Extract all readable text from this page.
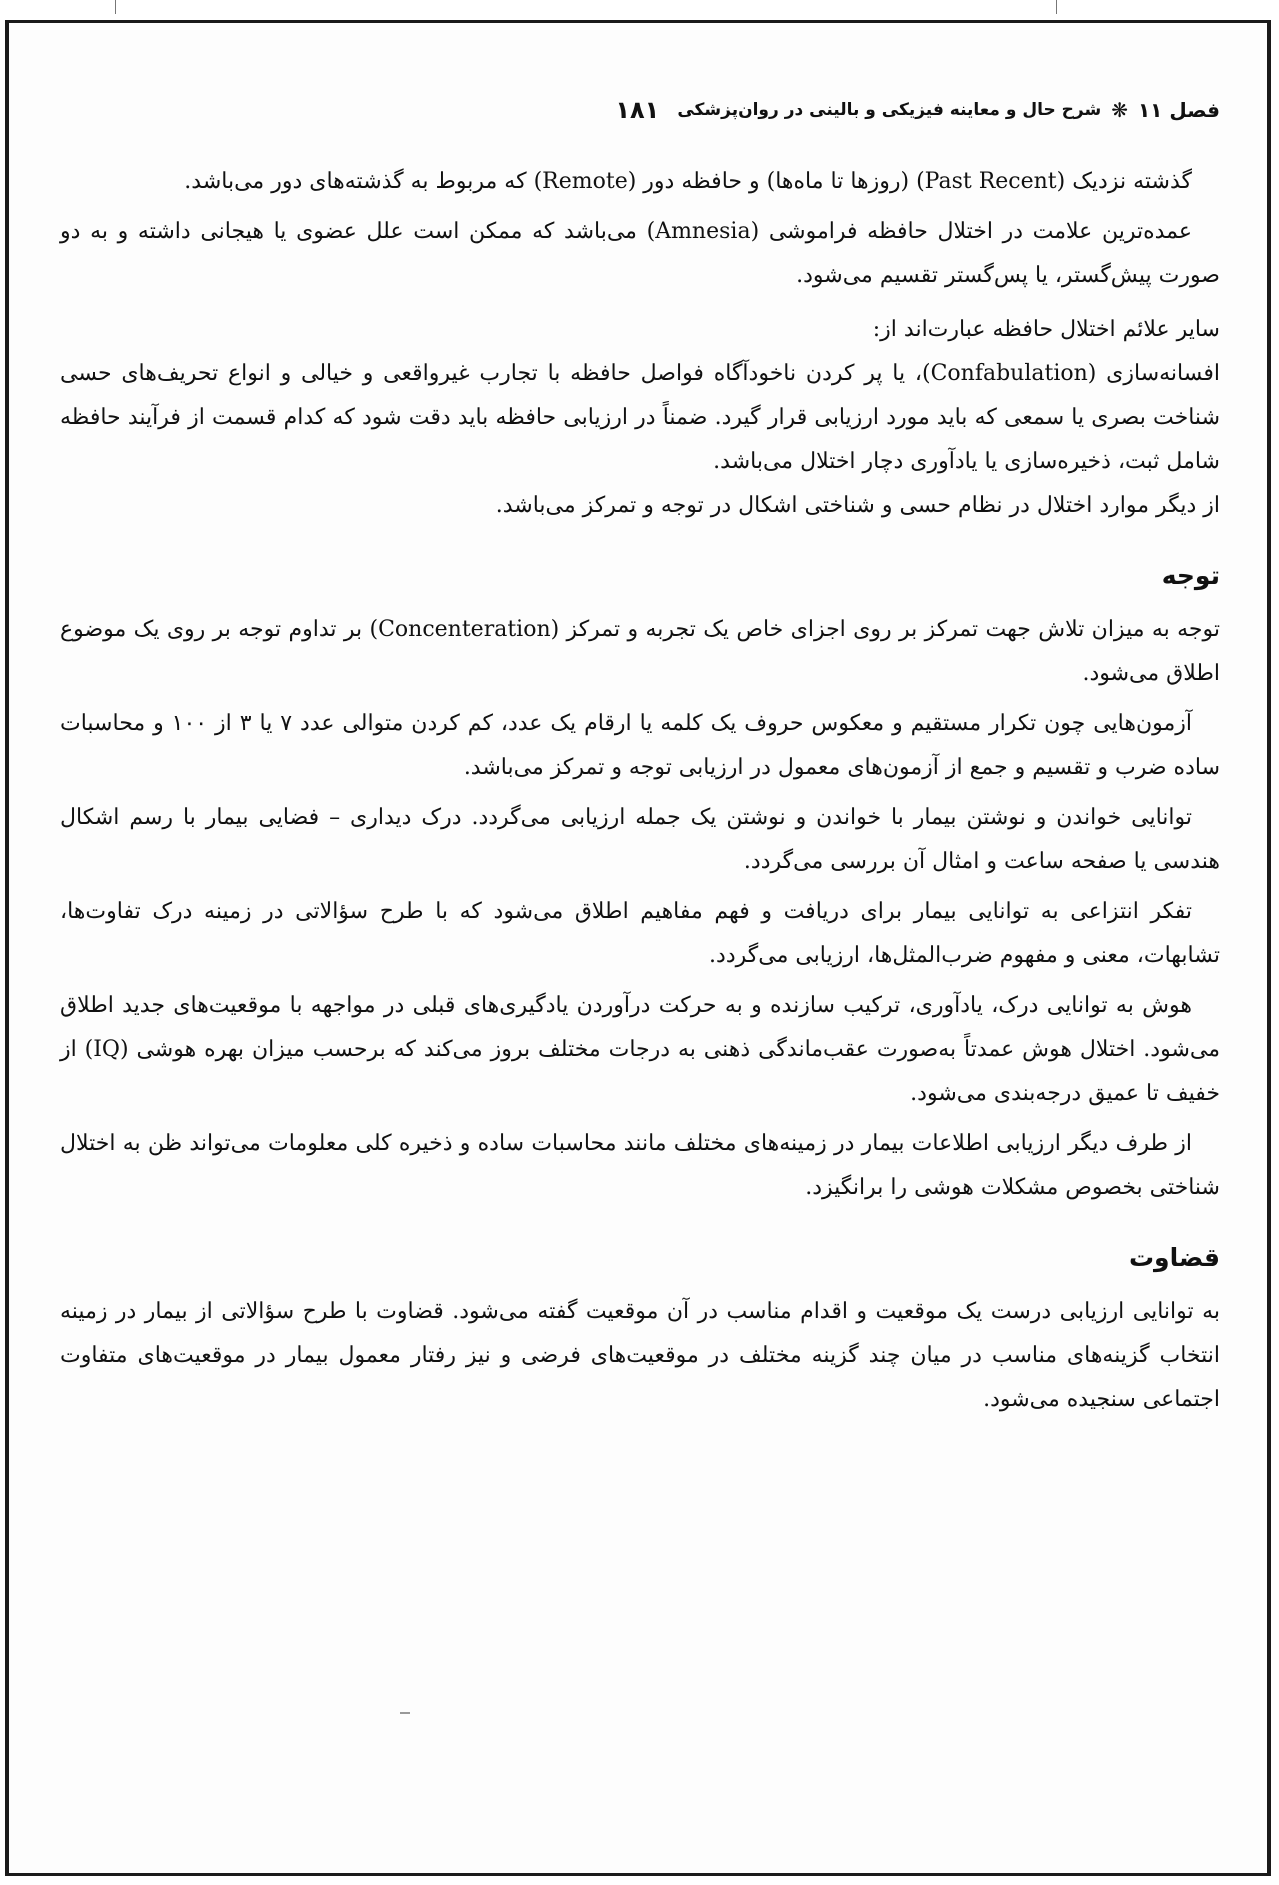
فصل ۱۱
❋
شرح حال و معاینه فیزیکی و بالینی در روان‌پزشکی
۱۸۱

گذشته نزدیک (Past Recent) (روزها تا ماه‌ها) و حافظه دور (Remote) که مربوط به گذشته‌های دور می‌باشد.

عمده‌ترین علامت در اختلال حافظه فراموشی (Amnesia) می‌باشد که ممکن است علل عضوی یا هیجانی داشته و به دو صورت پیش‌گستر، یا پس‌گستر تقسیم می‌شود.

سایر علائم اختلال حافظه عبارت‌اند از:

افسانه‌سازی (Confabulation)، یا پر کردن ناخودآگاه فواصل حافظه با تجارب غیرواقعی و خیالی و انواع تحریف‌های حسی شناخت بصری یا سمعی که باید مورد ارزیابی قرار گیرد. ضمناً در ارزیابی حافظه باید دقت شود که کدام قسمت از فرآیند حافظه شامل ثبت، ذخیره‌سازی یا یادآوری دچار اختلال می‌باشد.

از دیگر موارد اختلال در نظام حسی و شناختی اشکال در توجه و تمرکز می‌باشد.

توجه

توجه به میزان تلاش جهت تمرکز بر روی اجزای خاص یک تجربه و تمرکز (Concenteration) بر تداوم توجه بر روی یک موضوع اطلاق می‌شود.

آزمون‌هایی چون تکرار مستقیم و معکوس حروف یک کلمه یا ارقام یک عدد، کم کردن متوالی عدد ۷ یا ۳ از ۱۰۰ و محاسبات ساده ضرب و تقسیم و جمع از آزمون‌های معمول در ارزیابی توجه و تمرکز می‌باشد.

توانایی خواندن و نوشتن بیمار با خواندن و نوشتن یک جمله ارزیابی می‌گردد. درک دیداری – فضایی بیمار با رسم اشکال هندسی یا صفحه ساعت و امثال آن بررسی می‌گردد.

تفکر انتزاعی به توانایی بیمار برای دریافت و فهم مفاهیم اطلاق می‌شود که با طرح سؤالاتی در زمینه درک تفاوت‌ها، تشابهات، معنی و مفهوم ضرب‌المثل‌ها، ارزیابی می‌گردد.

هوش به توانایی درک، یادآوری، ترکیب سازنده و به حرکت درآوردن یادگیری‌های قبلی در مواجهه با موقعیت‌های جدید اطلاق می‌شود. اختلال هوش عمدتاً به‌صورت عقب‌ماندگی ذهنی به درجات مختلف بروز می‌کند که برحسب میزان بهره هوشی (IQ) از خفیف تا عمیق درجه‌بندی می‌شود.

از طرف دیگر ارزیابی اطلاعات بیمار در زمینه‌های مختلف مانند محاسبات ساده و ذخیره کلی معلومات می‌تواند ظن به اختلال شناختی بخصوص مشکلات هوشی را برانگیزد.

قضاوت

به توانایی ارزیابی درست یک موقعیت و اقدام مناسب در آن موقعیت گفته می‌شود. قضاوت با طرح سؤالاتی از بیمار در زمینه انتخاب گزینه‌های مناسب در میان چند گزینه مختلف در موقعیت‌های فرضی و نیز رفتار معمول بیمار در موقعیت‌های متفاوت اجتماعی سنجیده می‌شود.
